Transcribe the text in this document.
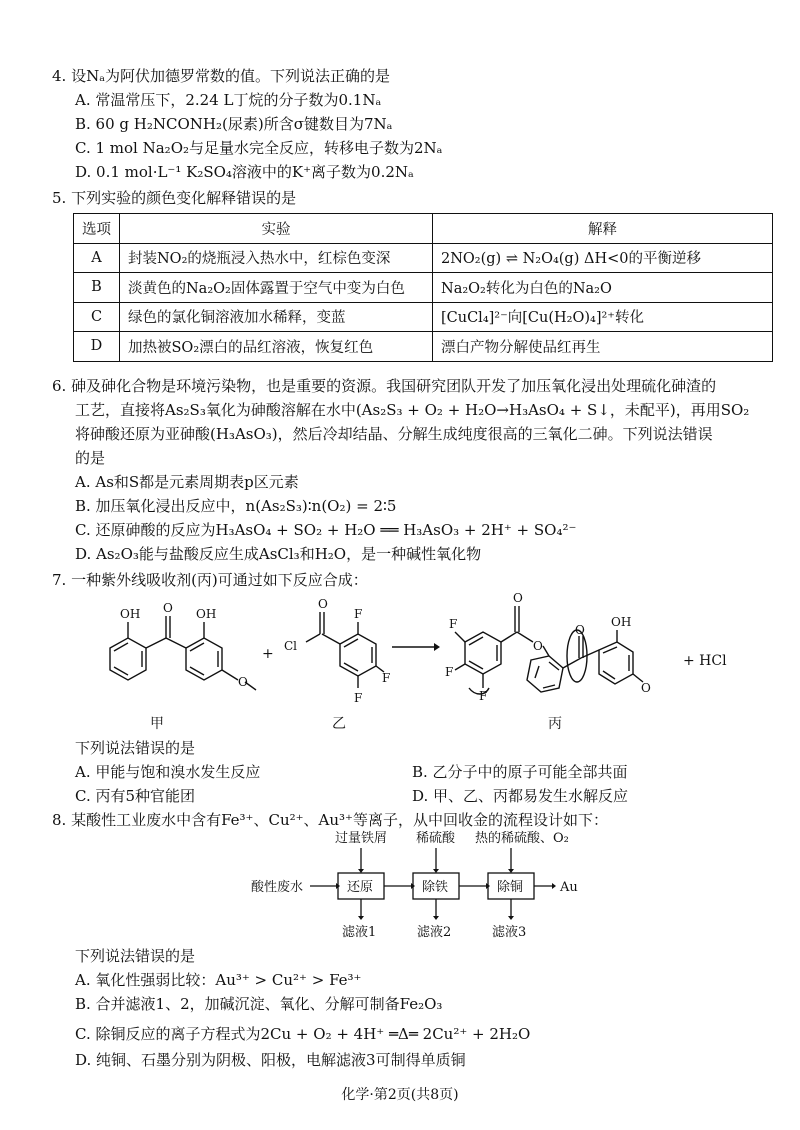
4. 设Nₐ为阿伏加德罗常数的值。下列说法正确的是
A. 常温常压下，2.24 L丁烷的分子数为0.1Nₐ
B. 60 g H₂NCONH₂(尿素)所含σ键数目为7Nₐ
C. 1 mol Na₂O₂与足量水完全反应，转移电子数为2Nₐ
D. 0.1 mol·L⁻¹ K₂SO₄溶液中的K⁺离子数为0.2Nₐ
5. 下列实验的颜色变化解释错误的是
选项	实验	解释
A	封装NO₂的烧瓶浸入热水中，红棕色变深	2NO₂(g) ⇌ N₂O₄(g) ΔH<0的平衡逆移
B	淡黄色的Na₂O₂固体露置于空气中变为白色	Na₂O₂转化为白色的Na₂O
C	绿色的氯化铜溶液加水稀释，变蓝	[CuCl₄]²⁻向[Cu(H₂O)₄]²⁺转化
D	加热被SO₂漂白的品红溶液，恢复红色	漂白产物分解使品红再生
6. 砷及砷化合物是环境污染物，也是重要的资源。我国研究团队开发了加压氧化浸出处理硫化砷渣的
工艺，直接将As₂S₃氧化为砷酸溶解在水中(As₂S₃ + O₂ + H₂O→H₃AsO₄ + S↓，未配平)，再用SO₂
将砷酸还原为亚砷酸(H₃AsO₃)，然后冷却结晶、分解生成纯度很高的三氧化二砷。下列说法错误
的是
A. As和S都是元素周期表p区元素
B. 加压氧化浸出反应中，n(As₂S₃)∶n(O₂) = 2∶5
C. 还原砷酸的反应为H₃AsO₄ + SO₂ + H₂O ══ H₃AsO₃ + 2H⁺ + SO₄²⁻
D. As₂O₃能与盐酸反应生成AsCl₃和H₂O，是一种碱性氧化物
7. 一种紫外线吸收剂(丙)可通过如下反应合成：
OH O OH
O
+ Cl
O
F
F
F
F
F
F
O
O
O
OH
O
+ HCl
甲	乙	丙
下列说法错误的是
A. 甲能与饱和溴水发生反应	B. 乙分子中的原子可能全部共面
C. 丙有5种官能团	D. 甲、乙、丙都易发生水解反应
8. 某酸性工业废水中含有Fe³⁺、Cu²⁺、Au³⁺等离子，从中回收金的流程设计如下：
酸性废水	还原	除铁	除铜	Au
过量铁屑 稀硫酸 热的稀硫酸、O₂
滤液1	滤液2	滤液3
下列说法错误的是
A. 氧化性强弱比较：Au³⁺ > Cu²⁺ > Fe³⁺
B. 合并滤液1、2，加碱沉淀、氧化、分解可制备Fe₂O₃
C. 除铜反应的离子方程式为2Cu + O₂ + 4H⁺ ═Δ═ 2Cu²⁺ + 2H₂O
D. 纯铜、石墨分别为阴极、阳极，电解滤液3可制得单质铜
化学·第2页(共8页)
